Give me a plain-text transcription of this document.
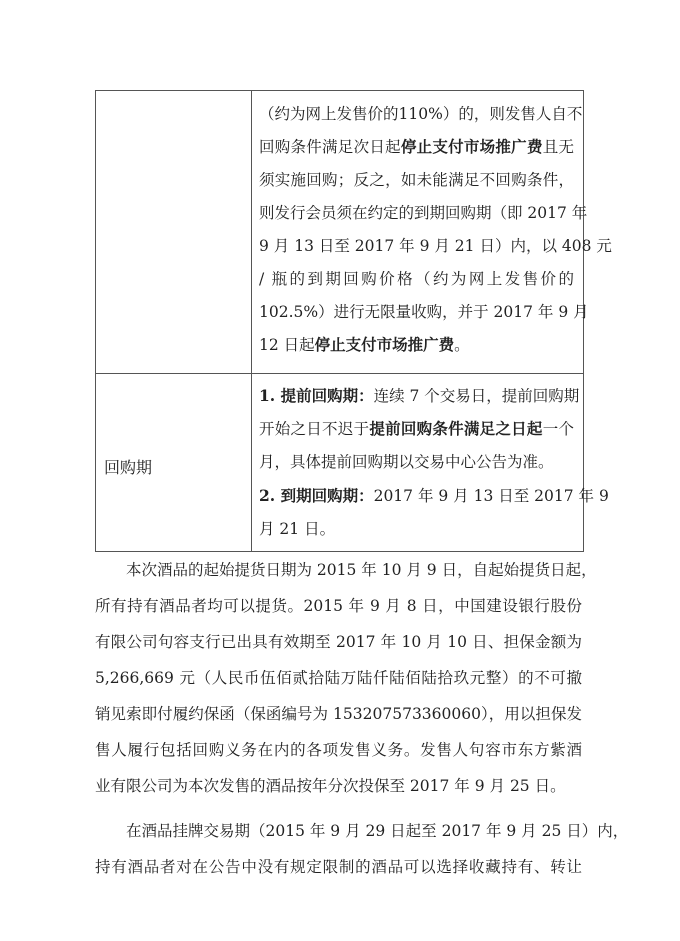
（约为网上发售价的110%）的，则发售人自不
回购条件满足次日起停止支付市场推广费且无
须实施回购；反之，如未能满足不回购条件，
则发行会员须在约定的到期回购期（即 2017 年
9 月 13 日至 2017 年 9 月 21 日）内，以 408 元
/ 瓶的到期回购价格（约为网上发售价的
102.5%）进行无限量收购，并于 2017 年 9 月
12 日起停止支付市场推广费。
回购期
1. 提前回购期：连续 7 个交易日，提前回购期
开始之日不迟于提前回购条件满足之日起一个
月，具体提前回购期以交易中心公告为准。
2. 到期回购期：2017 年 9 月 13 日至 2017 年 9
月 21 日。
本次酒品的起始提货日期为 2015 年 10 月 9 日，自起始提货日起，
所有持有酒品者均可以提货。2015 年 9 月 8 日，中国建设银行股份
有限公司句容支行已出具有效期至 2017 年 10 月 10 日、担保金额为
5,266,669 元（人民币伍佰贰拾陆万陆仟陆佰陆拾玖元整）的不可撤
销见索即付履约保函（保函编号为 153207573360060），用以担保发
售人履行包括回购义务在内的各项发售义务。发售人句容市东方紫酒
业有限公司为本次发售的酒品按年分次投保至 2017 年 9 月 25 日。
在酒品挂牌交易期（2015 年 9 月 29 日起至 2017 年 9 月 25 日）内，
持有酒品者对在公告中没有规定限制的酒品可以选择收藏持有、转让
